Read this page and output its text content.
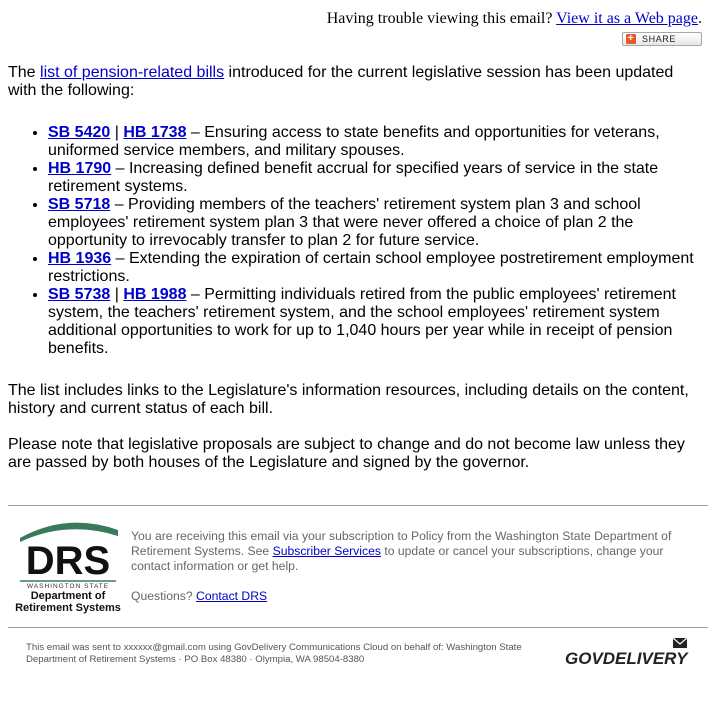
Having trouble viewing this email? View it as a Web page.
+ SHARE

The list of pension-related bills introduced for the current legislative session has been updated with the following:

• SB 5420 | HB 1738 – Ensuring access to state benefits and opportunities for veterans, uniformed service members, and military spouses.
• HB 1790 – Increasing defined benefit accrual for specified years of service in the state retirement systems.
• SB 5718 – Providing members of the teachers' retirement system plan 3 and school employees' retirement system plan 3 that were never offered a choice of plan 2 the opportunity to irrevocably transfer to plan 2 for future service.
• HB 1936 – Extending the expiration of certain school employee postretirement employment restrictions.
• SB 5738 | HB 1988 – Permitting individuals retired from the public employees' retirement system, the teachers' retirement system, and the school employees' retirement system additional opportunities to work for up to 1,040 hours per year while in receipt of pension benefits.

The list includes links to the Legislature's information resources, including details on the content, history and current status of each bill.

Please note that legislative proposals are subject to change and do not become law unless they are passed by both houses of the Legislature and signed by the governor.

DRS
WASHINGTON STATE
Department of
Retirement Systems
You are receiving this email via your subscription to Policy from the Washington State Department of Retirement Systems. See Subscriber Services to update or cancel your subscriptions, change your contact information or get help.
Questions? Contact DRS
This email was sent to xxxxxx@gmail.com using GovDelivery Communications Cloud on behalf of: Washington State Department of Retirement Systems · PO Box 48380 · Olympia, WA 98504-8380	GOVDELIVERY
